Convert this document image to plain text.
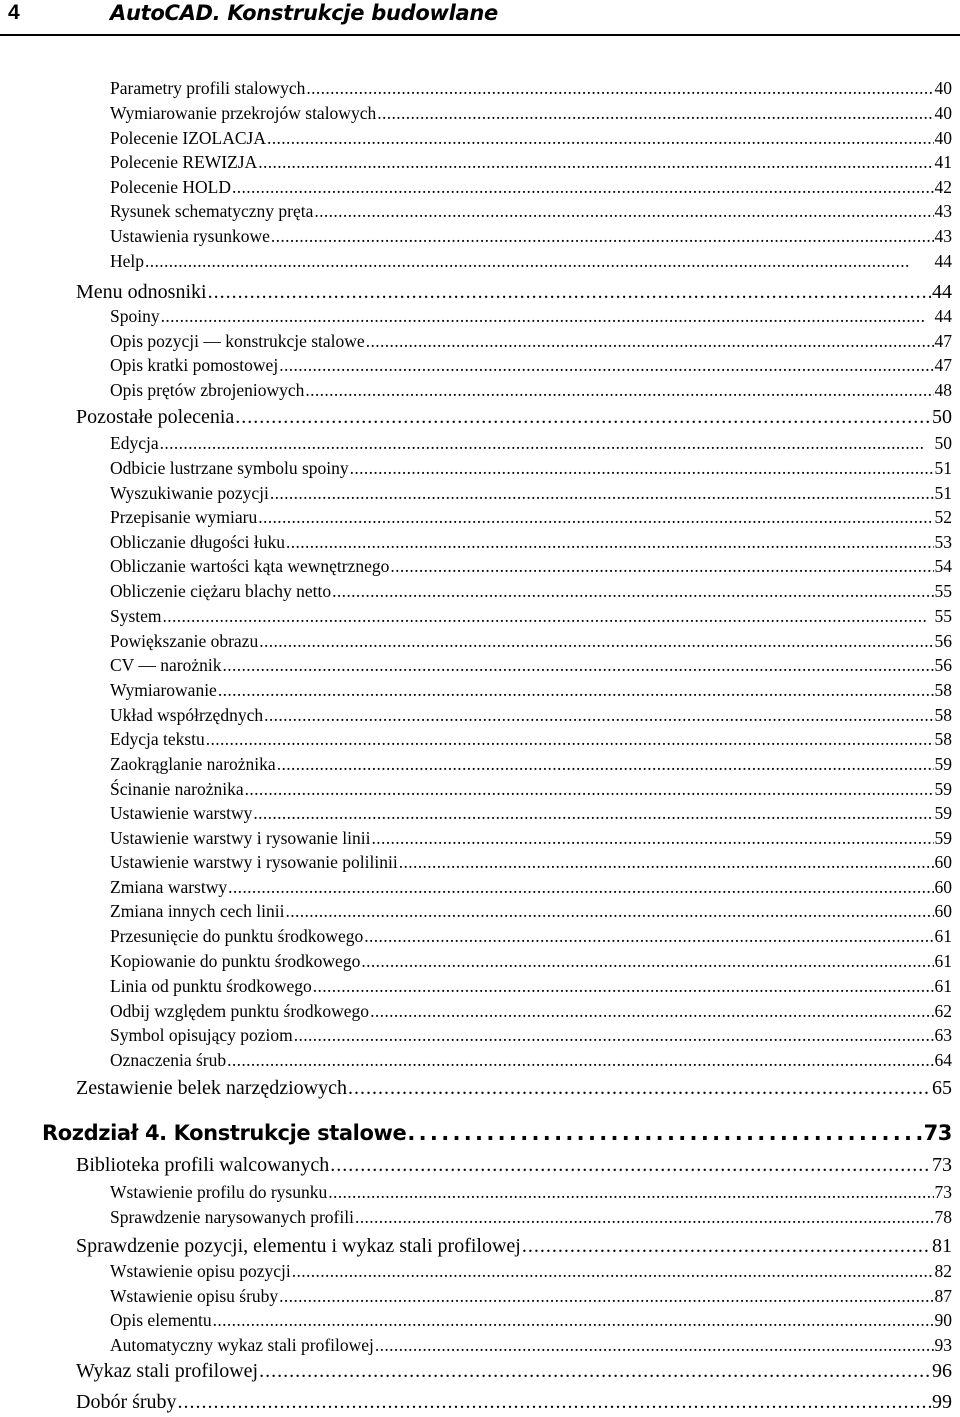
4	AutoCAD. Konstrukcje budowlane
Parametry profili stalowych . . .	40
Wymiarowanie przekrojów stalowych . . .	40
Polecenie IZOLACJA . . .	40
Polecenie REWIZJA . . .	41
Polecenie HOLD . . .	42
Rysunek schematyczny pręta . . .	43
Ustawienia rysunkowe . . .	43
Help . . .	44
Menu odnosniki . . .	44
Spoiny . . .	44
Opis pozycji — konstrukcje stalowe . . .	47
Opis kratki pomostowej . . .	47
Opis prętów zbrojeniowych . . .	48
Pozostałe polecenia . . .	50
Edycja . . .	50
Odbicie lustrzane symbolu spoiny . . .	51
Wyszukiwanie pozycji . . .	51
Przepisanie wymiaru . . .	52
Obliczanie długości łuku . . .	53
Obliczanie wartości kąta wewnętrznego . . .	54
Obliczenie ciężaru blachy netto . . .	55
System . . .	55
Powiększanie obrazu . . .	56
CV — narożnik . . .	56
Wymiarowanie . . .	58
Układ współrzędnych . . .	58
Edycja tekstu . . .	58
Zaokrąglanie narożnika . . .	59
Ścinanie narożnika . . .	59
Ustawienie warstwy . . .	59
Ustawienie warstwy i rysowanie linii . . .	59
Ustawienie warstwy i rysowanie polilinii . . .	60
Zmiana warstwy . . .	60
Zmiana innych cech linii . . .	60
Przesunięcie do punktu środkowego . . .	61
Kopiowanie do punktu środkowego . . .	61
Linia od punktu środkowego . . .	61
Odbij względem punktu środkowego . . .	62
Symbol opisujący poziom . . .	63
Oznaczenia śrub . . .	64
Zestawienie belek narzędziowych . . .	65
Rozdział 4. Konstrukcje stalowe . . .	73
Biblioteka profili walcowanych . . .	73
Wstawienie profilu do rysunku . . .	73
Sprawdzenie narysowanych profili . . .	78
Sprawdzenie pozycji, elementu i wykaz stali profilowej . . .	81
Wstawienie opisu pozycji . . .	82
Wstawienie opisu śruby . . .	87
Opis elementu . . .	90
Automatyczny wykaz stali profilowej . . .	93
Wykaz stali profilowej . . .	96
Dobór śruby . . .	99
